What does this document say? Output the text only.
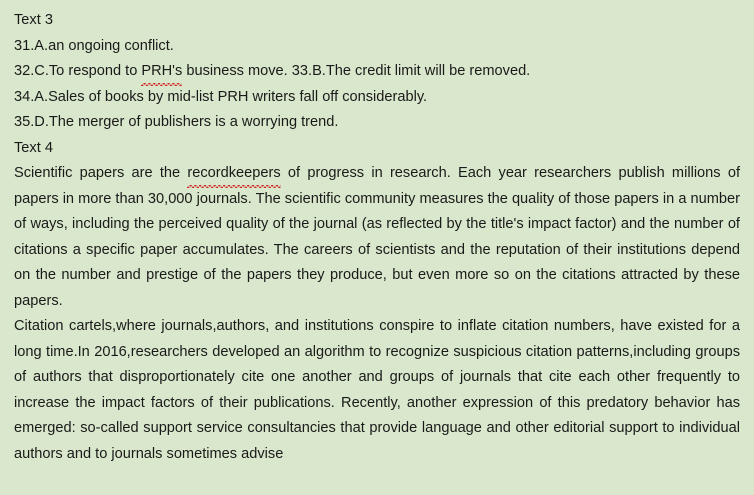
Text 3
31.A.an ongoing conflict.
32.C.To respond to PRH's business move. 33.B.The credit limit will be removed.
34.A.Sales of books by mid-list PRH writers fall off considerably.
35.D.The merger of publishers is a worrying trend.
Text 4

Scientific papers are the recordkeepers of progress in research. Each year researchers publish millions of papers in more than 30,000 journals. The scientific community measures the quality of those papers in a number of ways, including the perceived quality of the journal (as reflected by the title's impact factor) and the number of citations a specific paper accumulates. The careers of scientists and the reputation of their institutions depend on the number and prestige of the papers they produce, but even more so on the citations attracted by these papers.

Citation cartels,where journals,authors, and institutions conspire to inflate citation numbers, have existed for a long time.In 2016,researchers developed an algorithm to recognize suspicious citation patterns,including groups of authors that disproportionately cite one another and groups of journals that cite each other frequently to increase the impact factors of their publications. Recently, another expression of this predatory behavior has emerged: so-called support service consultancies that provide language and other editorial support to individual authors and to journals sometimes advise
